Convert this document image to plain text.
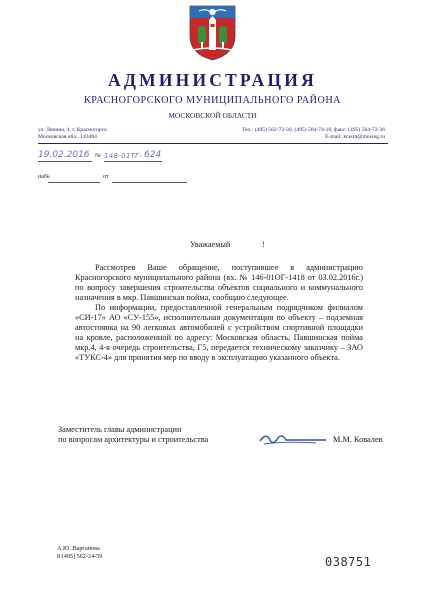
АДМИНИСТРАЦИЯ
КРАСНОГОРСКОГО МУНИЦИПАЛЬНОГО РАЙОНА
МОСКОВСКОЙ ОБЛАСТИ
ул. Ленина, 4, г. Красногорск
Московская обл., 143404
Тел.: (495) 562-72-30, (495) 564-74-16, факс: (495) 564-72-36
E-mail: krasrn@mosreg.ru
19.02.2016 № 148-01ТГ- 624
на№	от
Уважаемый	!

Рассмотрев Ваше обращение, поступившее в администрацию Красногорского муниципального района (вх. № 146-01ОГ-1418 от 03.02.2016г.) по вопросу завершения строительства объектов социального и коммунального назначения в мкр. Павшинская пойма, сообщаю следующее.

По информации, предоставленной генеральным подрядчиком филиалом «СИ-17» АО «СУ-155», исполнительная документация по объекту – подземная автостоянка на 90 легковых автомобилей с устройством спортивной площадки на кровле, расположенной по адресу: Московская область, Павшинская пойма мкр.4, 4-я очередь строительства, Г5, передается техническому заказчику – ЗАО «ТУКС-4» для принятия мер по вводу в эксплуатацию указанного объекта.

Заместитель главы администрации
по вопросам архитектуры и строительства	М.М. Ковалев
А.Ю. Варганова
8 (495) 562-24-59	038751
